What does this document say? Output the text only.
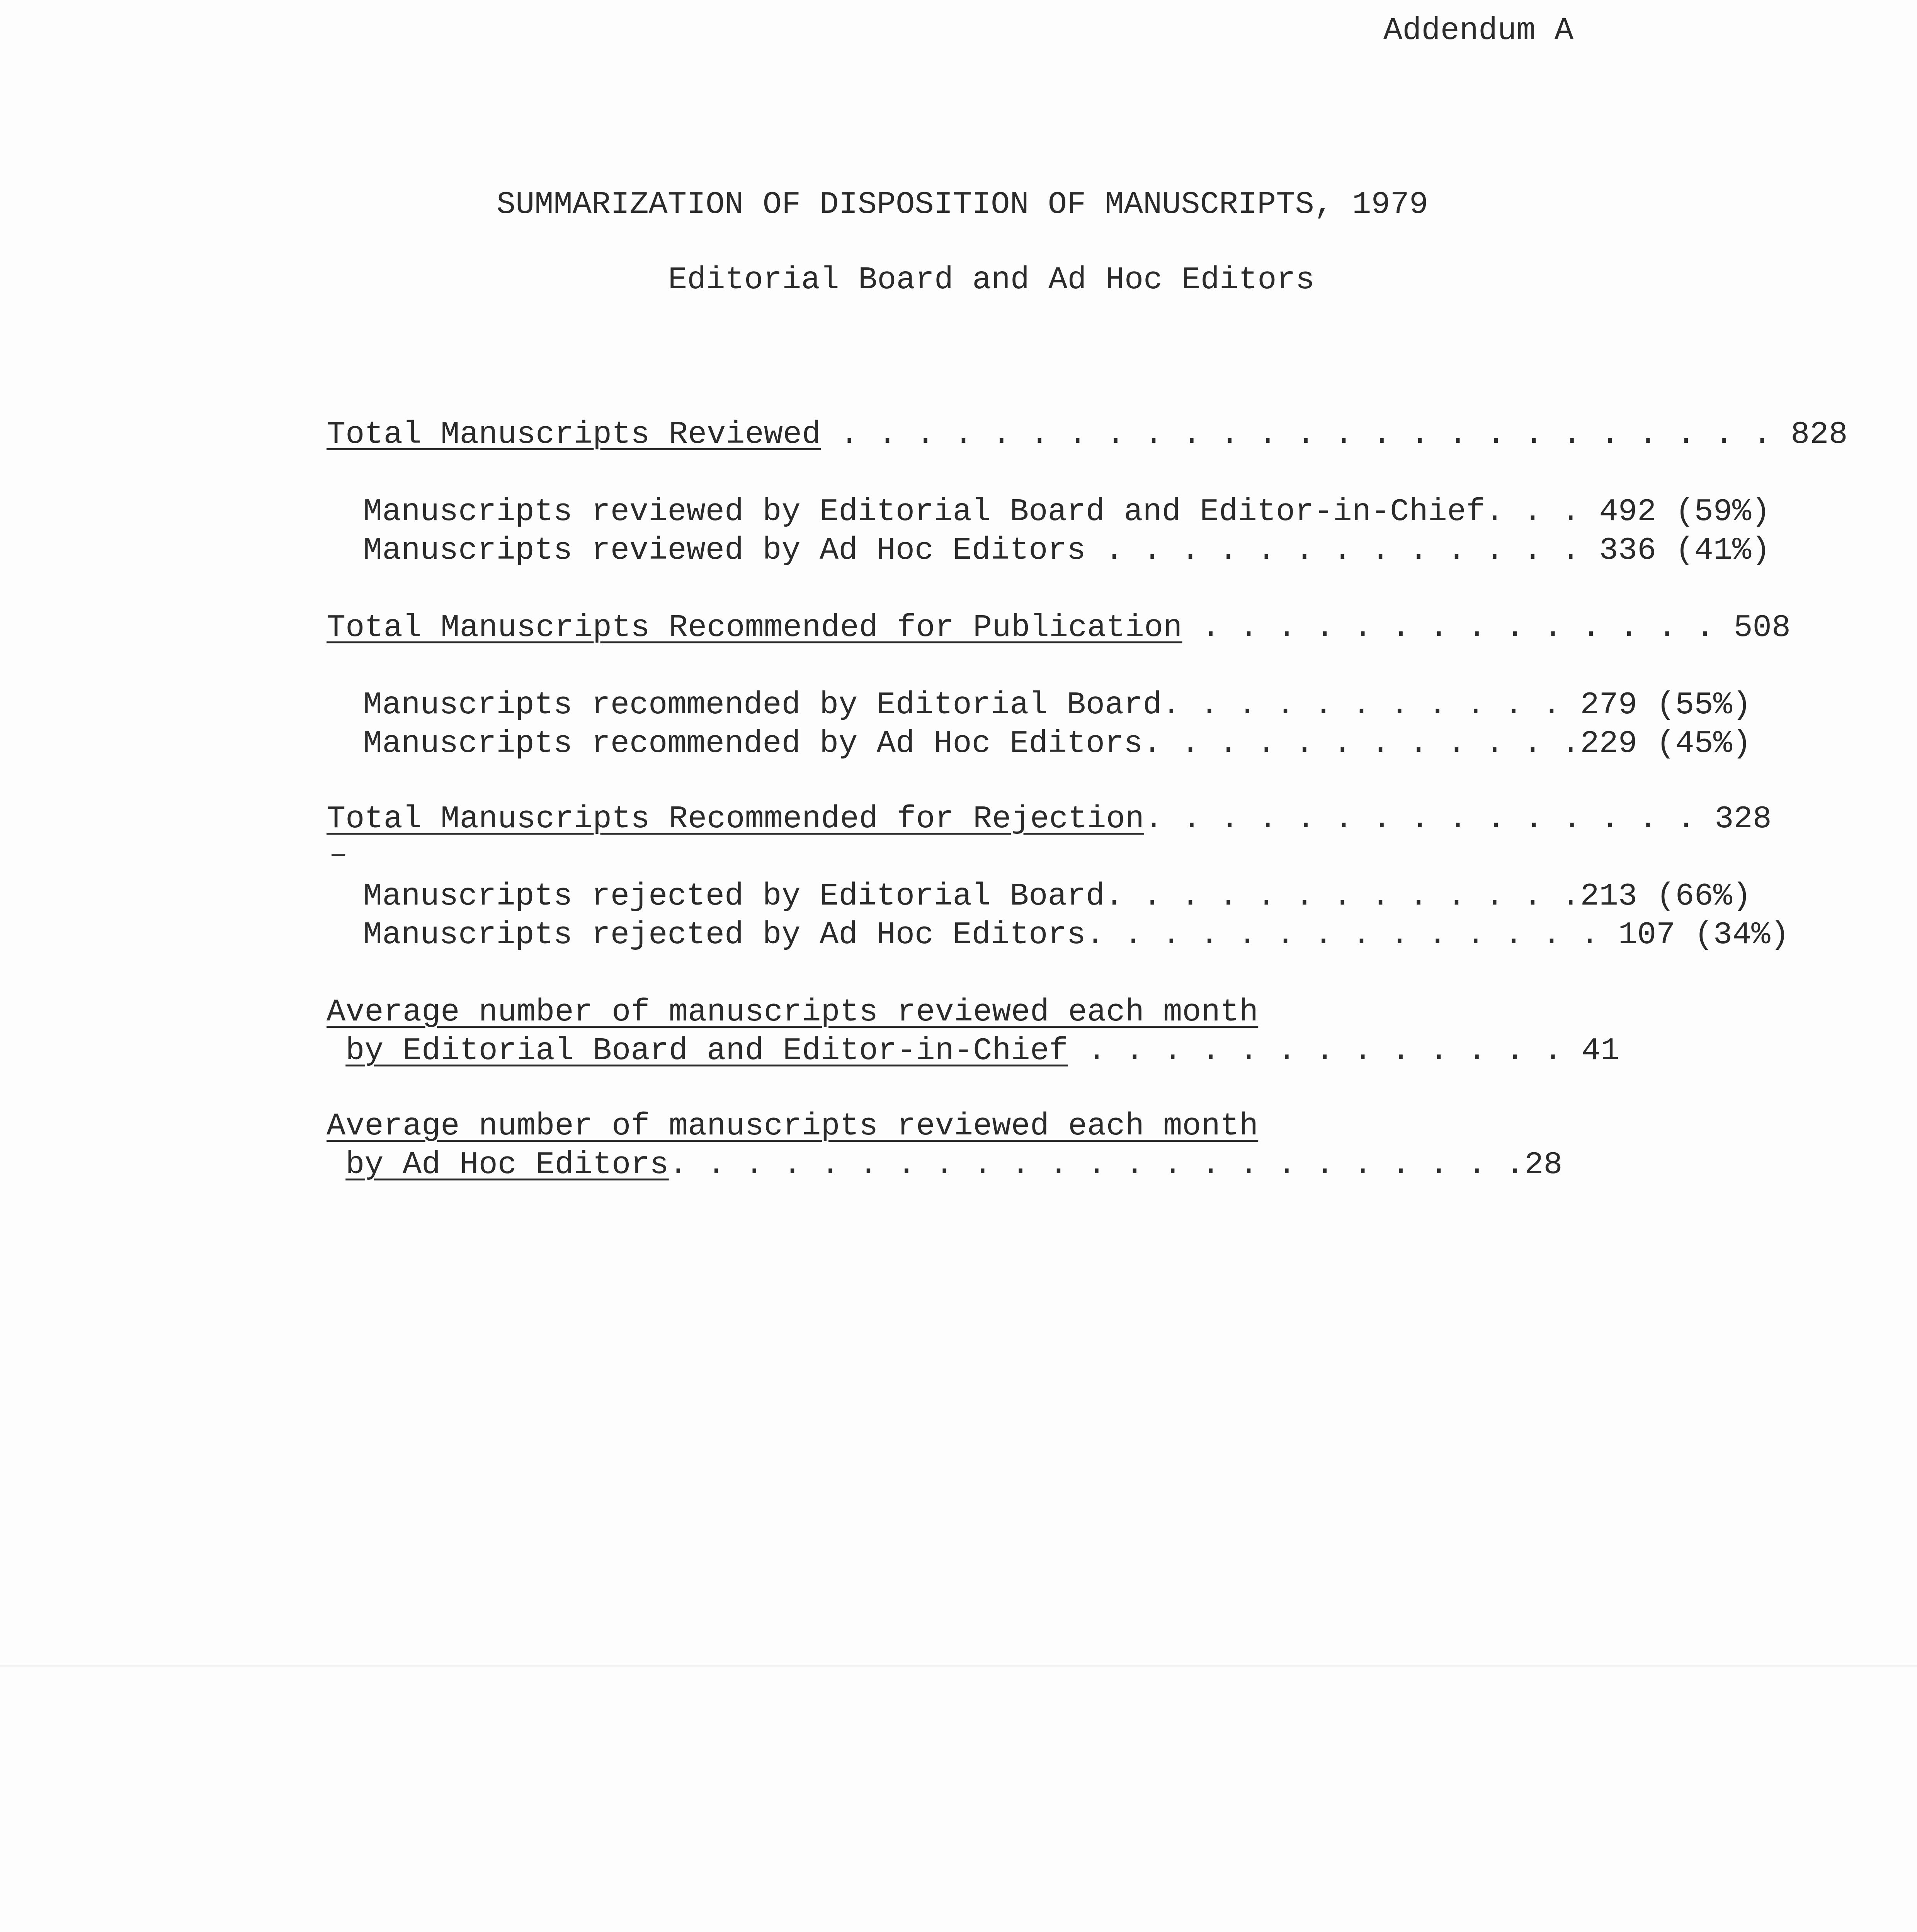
Addendum A
SUMMARIZATION OF DISPOSITION OF MANUSCRIPTS, 1979
Editorial Board and Ad Hoc Editors
Total Manuscripts Reviewed . . . . . . . . . . . . . . . . . . . . . . . . . 828
Manuscripts reviewed by Editorial Board and Editor-in-Chief. . . 492 (59%)
Manuscripts reviewed by Ad Hoc Editors . . . . . . . . . . . . . 336 (41%)
Total Manuscripts Recommended for Publication . . . . . . . . . . . . . . 508
Manuscripts recommended by Editorial Board. . . . . . . . . . . 279 (55%)
Manuscripts recommended by Ad Hoc Editors. . . . . . . . . . . .229 (45%)
Total Manuscripts Recommended for Rejection. . . . . . . . . . . . . . . 328
Manuscripts rejected by Editorial Board. . . . . . . . . . . . .213 (66%)
Manuscripts rejected by Ad Hoc Editors. . . . . . . . . . . . . . 107 (34%)
Average number of manuscripts reviewed each month
by Editorial Board and Editor-in-Chief . . . . . . . . . . . . . 41
Average number of manuscripts reviewed each month
by Ad Hoc Editors. . . . . . . . . . . . . . . . . . . . . . .28
